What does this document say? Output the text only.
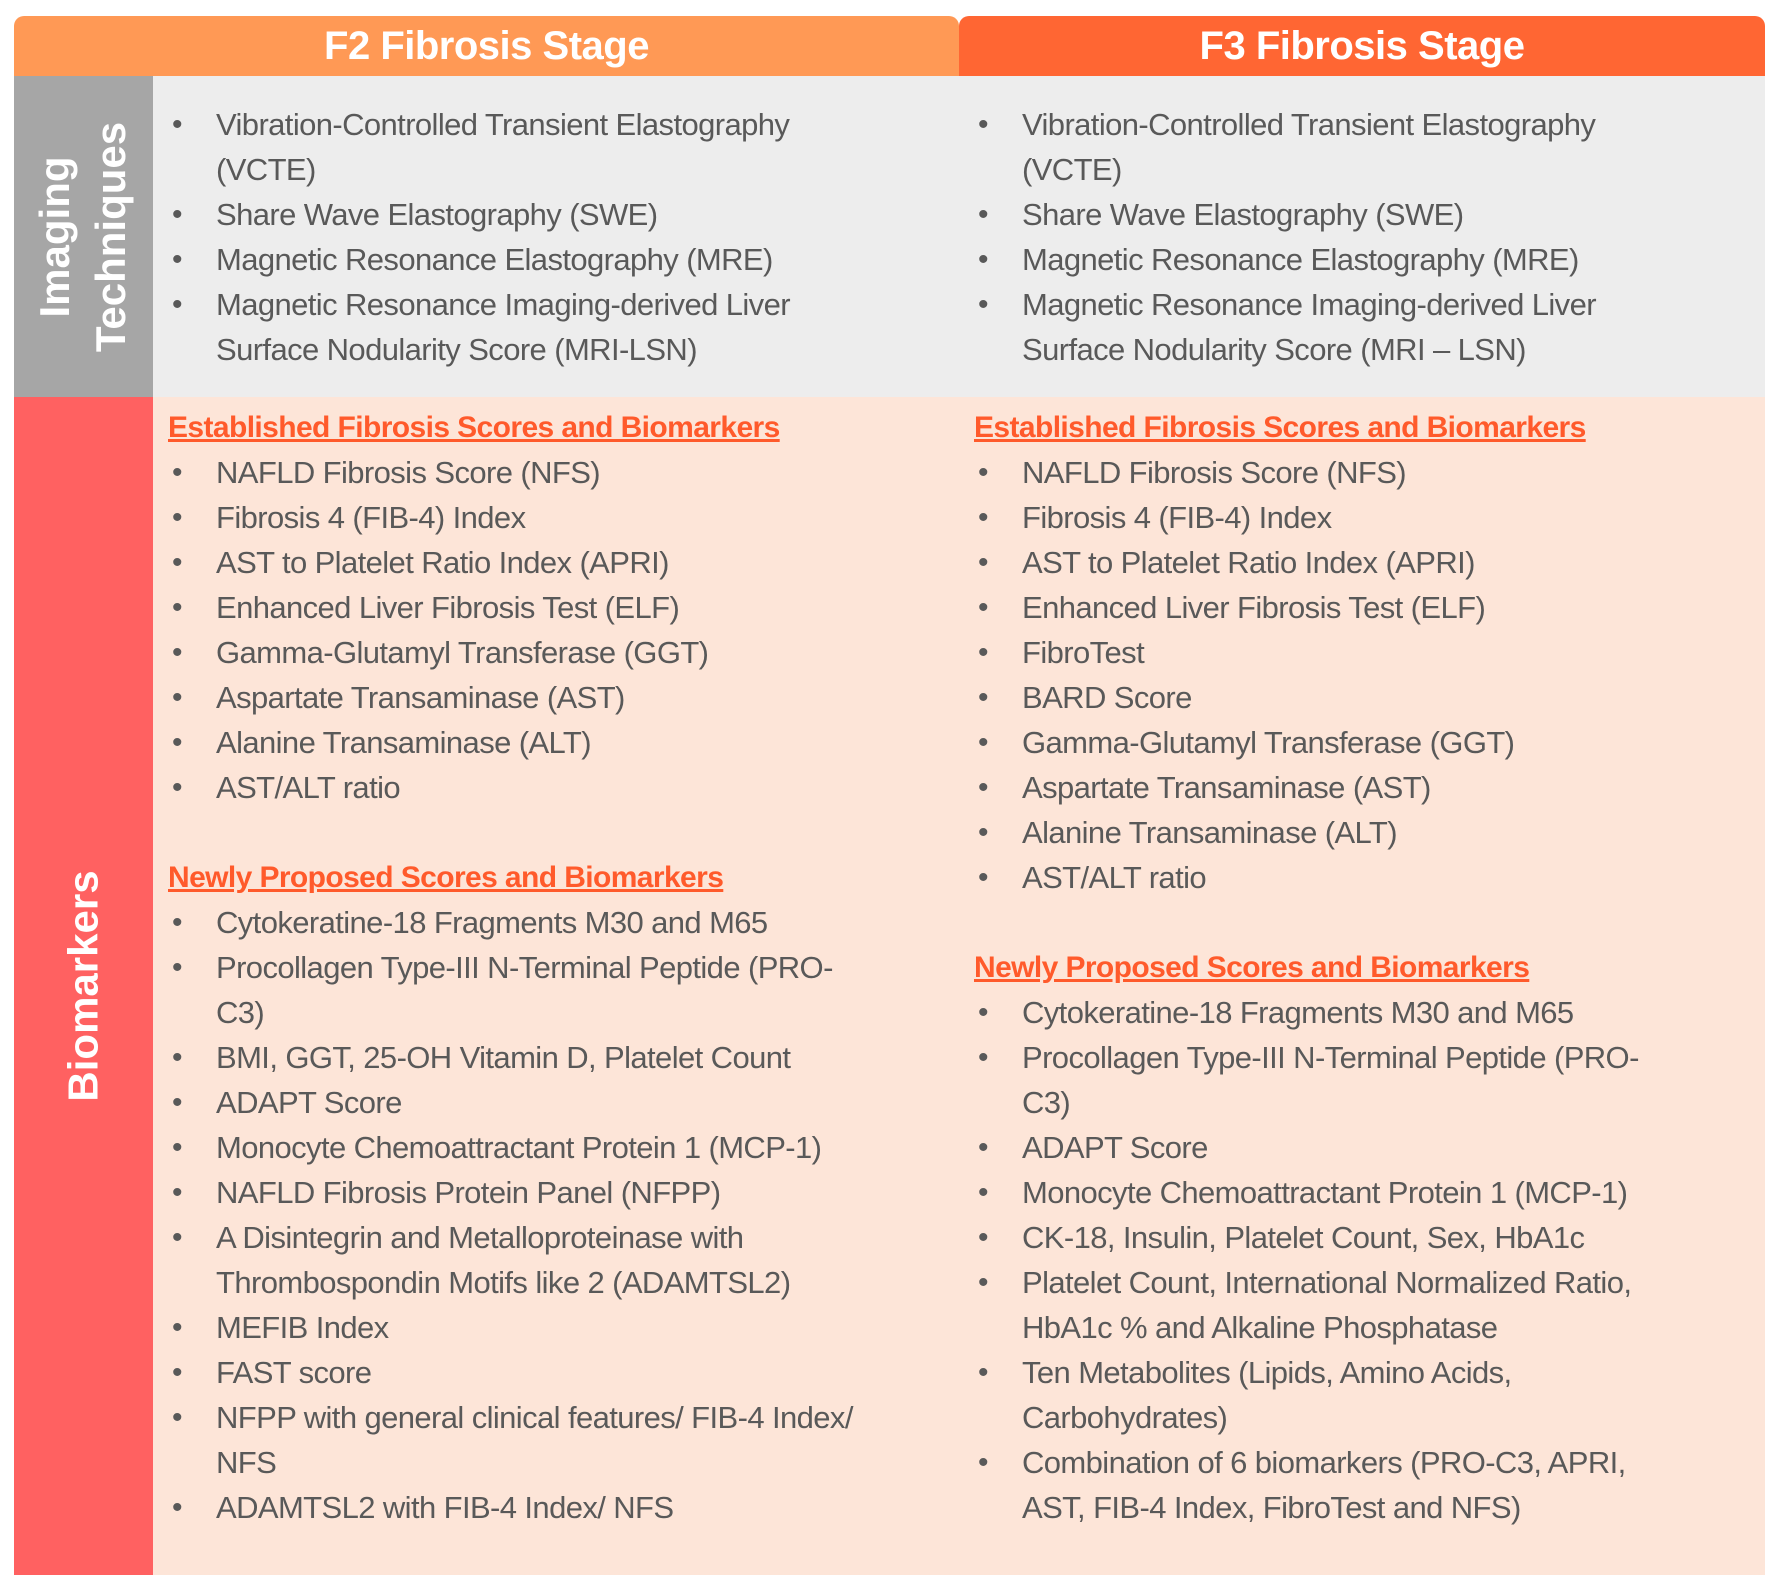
F2 Fibrosis Stage	F3 Fibrosis Stage
Imaging Techniques
Biomarkers
• Vibration-Controlled Transient Elastography
(VCTE)
• Share Wave Elastography (SWE)
• Magnetic Resonance Elastography (MRE)
• Magnetic Resonance Imaging-derived Liver
Surface Nodularity Score (MRI-LSN)
• Vibration-Controlled Transient Elastography
(VCTE)
• Share Wave Elastography (SWE)
• Magnetic Resonance Elastography (MRE)
• Magnetic Resonance Imaging-derived Liver
Surface Nodularity Score (MRI – LSN)
Established Fibrosis Scores and Biomarkers
• NAFLD Fibrosis Score (NFS)
• Fibrosis 4 (FIB-4) Index
• AST to Platelet Ratio Index (APRI)
• Enhanced Liver Fibrosis Test (ELF)
• Gamma-Glutamyl Transferase (GGT)
• Aspartate Transaminase (AST)
• Alanine Transaminase (ALT)
• AST/ALT ratio
Newly Proposed Scores and Biomarkers
• Cytokeratine-18 Fragments M30 and M65
• Procollagen Type-III N-Terminal Peptide (PRO-
C3)
• BMI, GGT, 25-OH Vitamin D, Platelet Count
• ADAPT Score
• Monocyte Chemoattractant Protein 1 (MCP-1)
• NAFLD Fibrosis Protein Panel (NFPP)
• A Disintegrin and Metalloproteinase with
Thrombospondin Motifs like 2 (ADAMTSL2)
• MEFIB Index
• FAST score
• NFPP with general clinical features/ FIB-4 Index/
NFS
• ADAMTSL2 with FIB-4 Index/ NFS
Established Fibrosis Scores and Biomarkers
• NAFLD Fibrosis Score (NFS)
• Fibrosis 4 (FIB-4) Index
• AST to Platelet Ratio Index (APRI)
• Enhanced Liver Fibrosis Test (ELF)
• FibroTest
• BARD Score
• Gamma-Glutamyl Transferase (GGT)
• Aspartate Transaminase (AST)
• Alanine Transaminase (ALT)
• AST/ALT ratio
Newly Proposed Scores and Biomarkers
• Cytokeratine-18 Fragments M30 and M65
• Procollagen Type-III N-Terminal Peptide (PRO-
C3)
• ADAPT Score
• Monocyte Chemoattractant Protein 1 (MCP-1)
• CK-18, Insulin, Platelet Count, Sex, HbA1c
• Platelet Count, International Normalized Ratio,
HbA1c % and Alkaline Phosphatase
• Ten Metabolites (Lipids, Amino Acids,
Carbohydrates)
• Combination of 6 biomarkers (PRO-C3, APRI,
AST, FIB-4 Index, FibroTest and NFS)
